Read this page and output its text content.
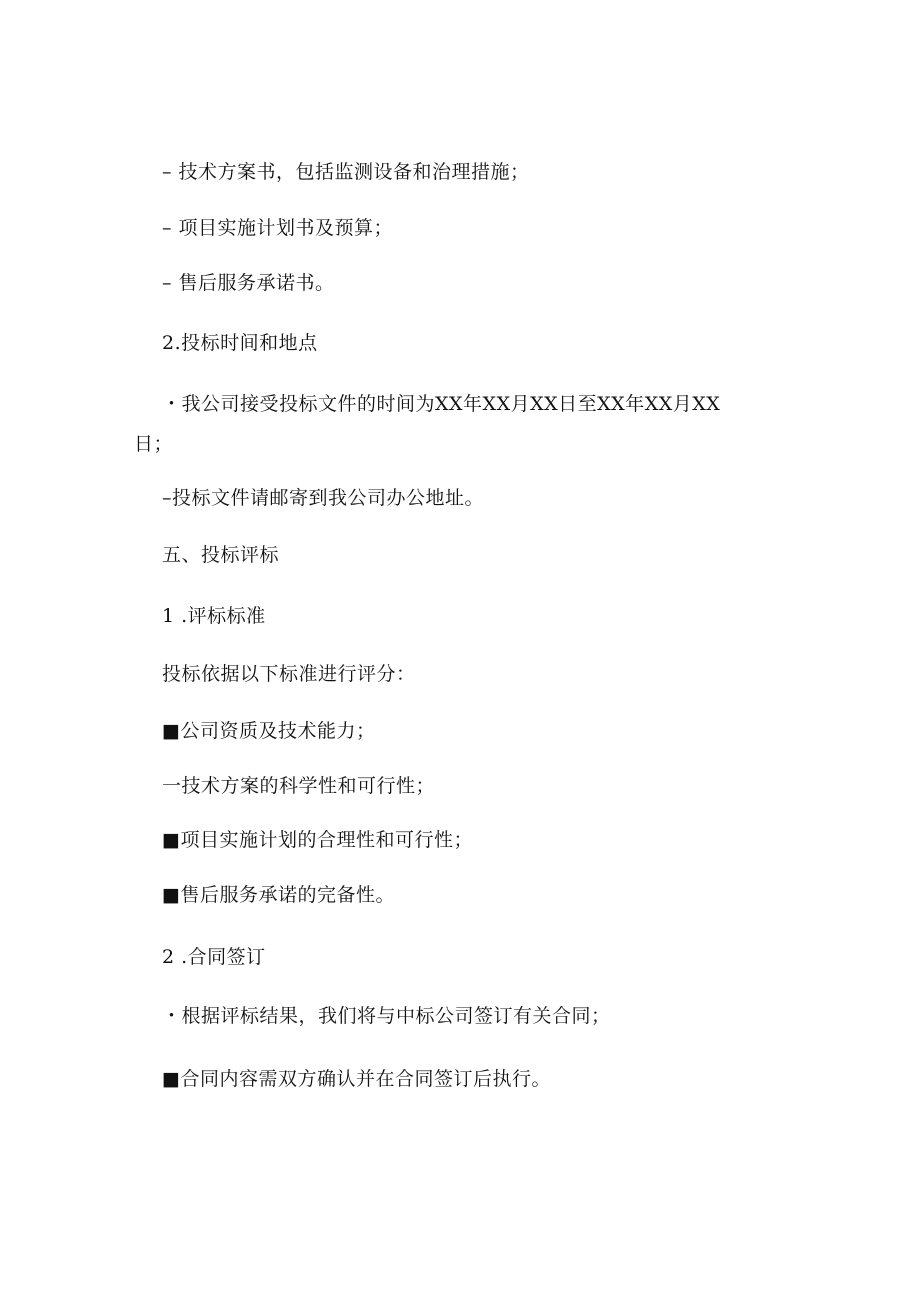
– 技术方案书，包括监测设备和治理措施；
– 项目实施计划书及预算；
– 售后服务承诺书。
2.投标时间和地点
・我公司接受投标文件的时间为XX年XX月XX日至XX年XX月XX
日；
–投标文件请邮寄到我公司办公地址。
五、投标评标
1 .评标标准
投标依据以下标准进行评分：
■公司资质及技术能力；
一技术方案的科学性和可行性；
■项目实施计划的合理性和可行性；
■售后服务承诺的完备性。
2 .合同签订
・根据评标结果，我们将与中标公司签订有关合同；
■合同内容需双方确认并在合同签订后执行。
